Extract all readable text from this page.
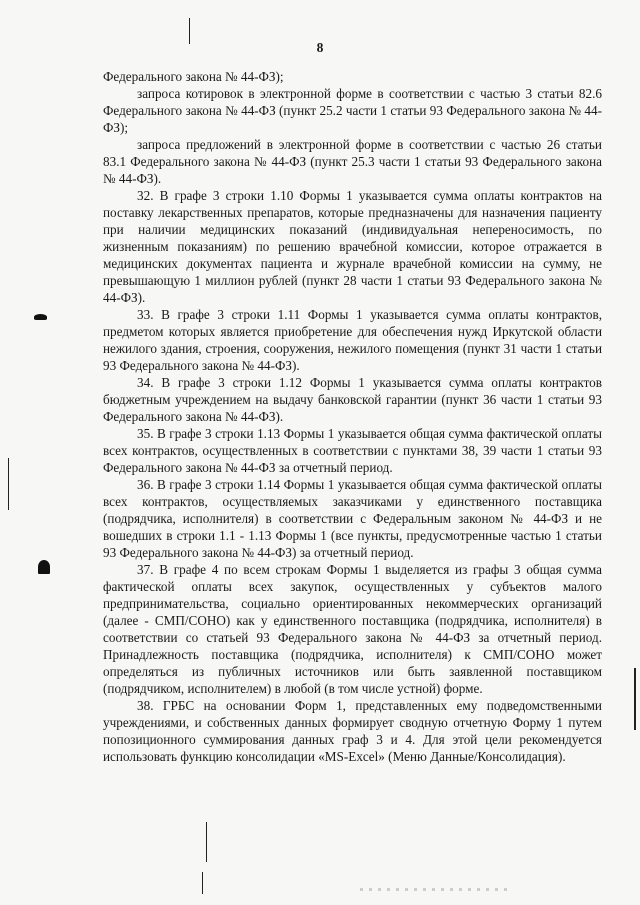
8

Федерального закона № 44-ФЗ);

запроса котировок в электронной форме в соответствии с частью 3 статьи 82.6 Федерального закона № 44-ФЗ (пункт 25.2 части 1 статьи 93 Федерального закона № 44-ФЗ);

запроса предложений в электронной форме в соответствии с частью 26 статьи 83.1 Федерального закона № 44-ФЗ (пункт 25.3 части 1 статьи 93 Федерального закона № 44-ФЗ).

32. В графе 3 строки 1.10 Формы 1 указывается сумма оплаты контрактов на поставку лекарственных препаратов, которые предназначены для назначения пациенту при наличии медицинских показаний (индивидуальная непереносимость, по жизненным показаниям) по решению врачебной комиссии, которое отражается в медицинских документах пациента и журнале врачебной комиссии на сумму, не превышающую 1 миллион рублей (пункт 28 части 1 статьи 93 Федерального закона № 44-ФЗ).

33. В графе 3 строки 1.11 Формы 1 указывается сумма оплаты контрактов, предметом которых является приобретение для обеспечения нужд Иркутской области нежилого здания, строения, сооружения, нежилого помещения (пункт 31 части 1 статьи 93 Федерального закона № 44-ФЗ).

34. В графе 3 строки 1.12 Формы 1 указывается сумма оплаты контрактов бюджетным учреждением на выдачу банковской гарантии (пункт 36 части 1 статьи 93 Федерального закона № 44-ФЗ).

35. В графе 3 строки 1.13 Формы 1 указывается общая сумма фактической оплаты всех контрактов, осуществленных в соответствии с пунктами 38, 39 части 1 статьи 93 Федерального закона № 44-ФЗ за отчетный период.

36. В графе 3 строки 1.14 Формы 1 указывается общая сумма фактической оплаты всех контрактов, осуществляемых заказчиками у единственного поставщика (подрядчика, исполнителя) в соответствии с Федеральным законом № 44-ФЗ и не вошедших в строки 1.1 - 1.13 Формы 1 (все пункты, предусмотренные частью 1 статьи 93 Федерального закона № 44-ФЗ) за отчетный период.

37. В графе 4 по всем строкам Формы 1 выделяется из графы 3 общая сумма фактической оплаты всех закупок, осуществленных у субъектов малого предпринимательства, социально ориентированных некоммерческих организаций (далее - СМП/СОНО) как у единственного поставщика (подрядчика, исполнителя) в соответствии со статьей 93 Федерального закона № 44-ФЗ за отчетный период. Принадлежность поставщика (подрядчика, исполнителя) к СМП/СОНО может определяться из публичных источников или быть заявленной поставщиком (подрядчиком, исполнителем) в любой (в том числе устной) форме.

38. ГРБС на основании Форм 1, представленных ему подведомственными учреждениями, и собственных данных формирует сводную отчетную Форму 1 путем попозиционного суммирования данных граф 3 и 4. Для этой цели рекомендуется использовать функцию консолидации «MS-Excel» (Меню Данные/Консолидация).
